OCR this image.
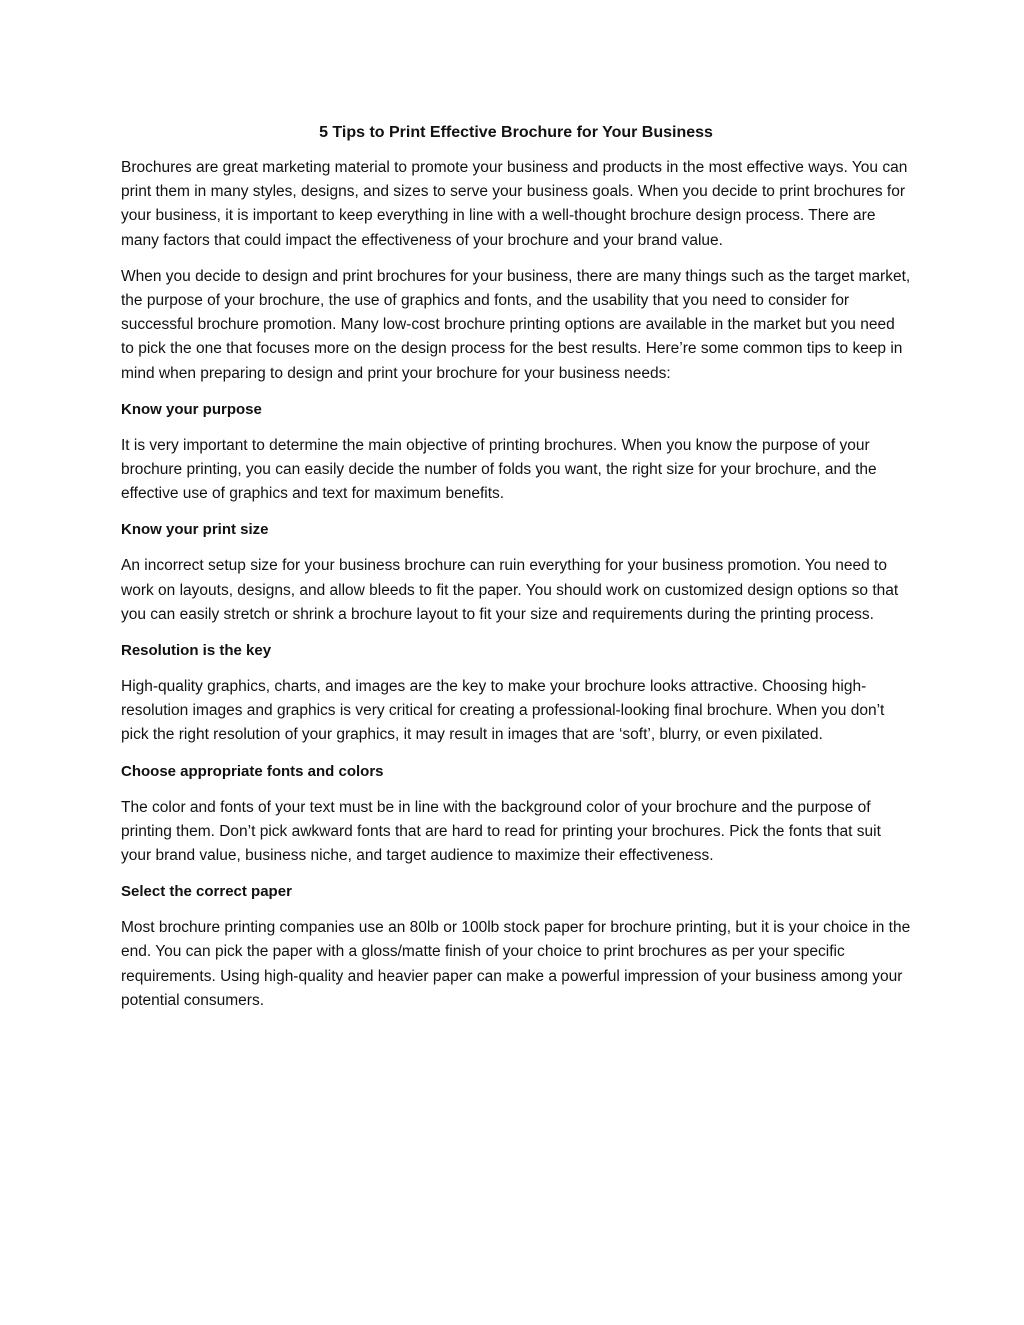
5 Tips to Print Effective Brochure for Your Business

Brochures are great marketing material to promote your business and products in the most effective ways. You can print them in many styles, designs, and sizes to serve your business goals. When you decide to print brochures for your business, it is important to keep everything in line with a well-thought brochure design process. There are many factors that could impact the effectiveness of your brochure and your brand value.

When you decide to design and print brochures for your business, there are many things such as the target market, the purpose of your brochure, the use of graphics and fonts, and the usability that you need to consider for successful brochure promotion. Many low-cost brochure printing options are available in the market but you need to pick the one that focuses more on the design process for the best results. Here’re some common tips to keep in mind when preparing to design and print your brochure for your business needs:

Know your purpose

It is very important to determine the main objective of printing brochures. When you know the purpose of your brochure printing, you can easily decide the number of folds you want, the right size for your brochure, and the effective use of graphics and text for maximum benefits.

Know your print size

An incorrect setup size for your business brochure can ruin everything for your business promotion. You need to work on layouts, designs, and allow bleeds to fit the paper. You should work on customized design options so that you can easily stretch or shrink a brochure layout to fit your size and requirements during the printing process.

Resolution is the key

High-quality graphics, charts, and images are the key to make your brochure looks attractive. Choosing high-resolution images and graphics is very critical for creating a professional-looking final brochure. When you don’t pick the right resolution of your graphics, it may result in images that are ‘soft’, blurry, or even pixilated.

Choose appropriate fonts and colors

The color and fonts of your text must be in line with the background color of your brochure and the purpose of printing them. Don’t pick awkward fonts that are hard to read for printing your brochures. Pick the fonts that suit your brand value, business niche, and target audience to maximize their effectiveness.

Select the correct paper

Most brochure printing companies use an 80lb or 100lb stock paper for brochure printing, but it is your choice in the end. You can pick the paper with a gloss/matte finish of your choice to print brochures as per your specific requirements. Using high-quality and heavier paper can make a powerful impression of your business among your potential consumers.
